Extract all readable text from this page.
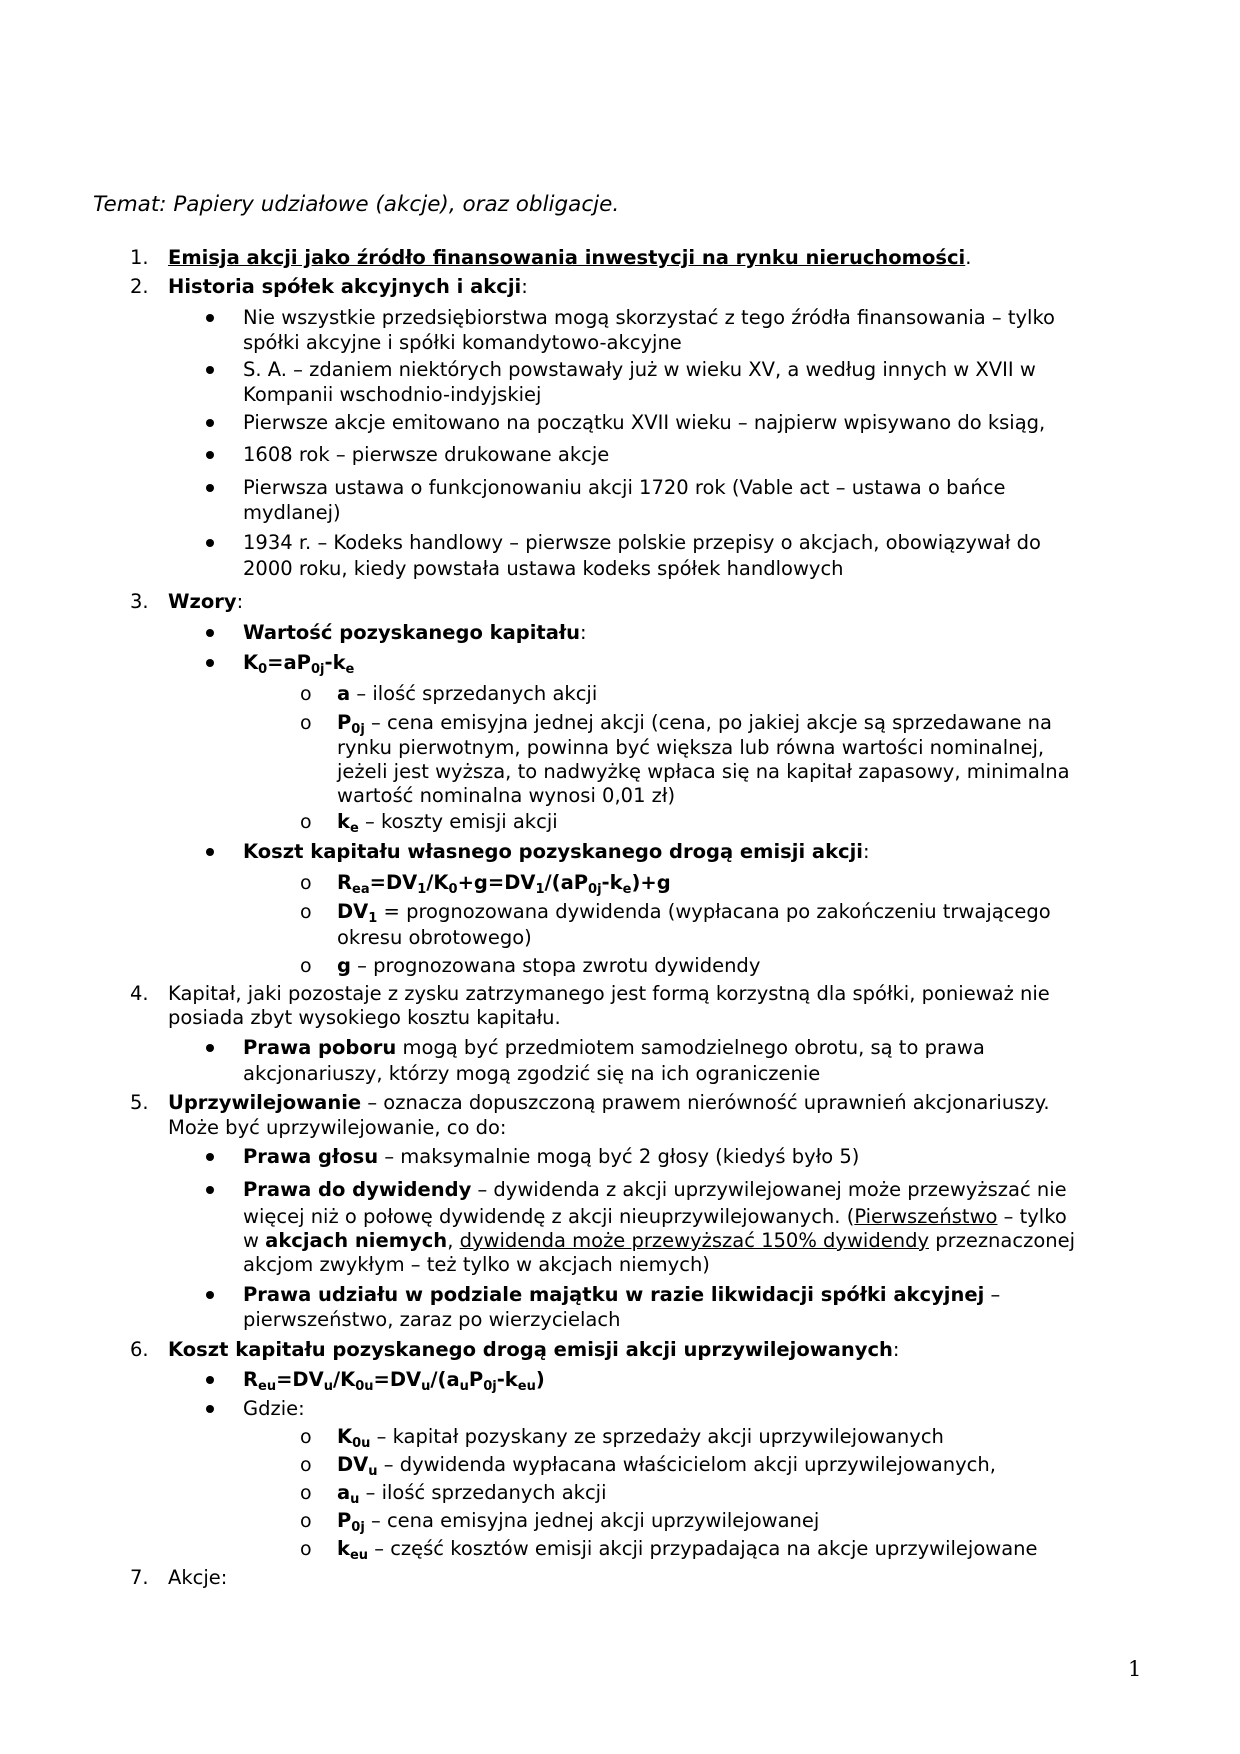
Temat: Papiery udziałowe (akcje), oraz obligacje.
1. Emisja akcji jako źródło finansowania inwestycji na rynku nieruchomości.
2. Historia spółek akcyjnych i akcji:
Nie wszystkie przedsiębiorstwa mogą skorzystać z tego źródła finansowania – tylko
spółki akcyjne i spółki komandytowo-akcyjne
S. A. – zdaniem niektórych powstawały już w wieku XV, a według innych w XVII w
Kompanii wschodnio-indyjskiej
Pierwsze akcje emitowano na początku XVII wieku – najpierw wpisywano do ksiąg,
1608 rok – pierwsze drukowane akcje
Pierwsza ustawa o funkcjonowaniu akcji 1720 rok (Vable act – ustawa o bańce
mydlanej)
1934 r. – Kodeks handlowy – pierwsze polskie przepisy o akcjach, obowiązywał do
2000 roku, kiedy powstała ustawa kodeks spółek handlowych
3. Wzory:
Wartość pozyskanego kapitału:
$K_0=aP_{0j}-k_e$
o a – ilość sprzedanych akcji
o $P_{0j}$ – cena emisyjna jednej akcji (cena, po jakiej akcje są sprzedawane na
rynku pierwotnym, powinna być większa lub równa wartości nominalnej,
jeżeli jest wyższa, to nadwyżkę wpłaca się na kapitał zapasowy, minimalna
wartość nominalna wynosi 0,01 zł)
o $k_e$ – koszty emisji akcji
Koszt kapitału własnego pozyskanego drogą emisji akcji:
o $R_{ea}=DV_1/K_0+g=DV_1/(aP_{0j}-k_e)+g$
o $DV_1$ = prognozowana dywidenda (wypłacana po zakończeniu trwającego
okresu obrotowego)
o g – prognozowana stopa zwrotu dywidendy
4. Kapitał, jaki pozostaje z zysku zatrzymanego jest formą korzystną dla spółki, ponieważ nie
posiada zbyt wysokiego kosztu kapitału.
Prawa poboru mogą być przedmiotem samodzielnego obrotu, są to prawa
akcjonariuszy, którzy mogą zgodzić się na ich ograniczenie
5. Uprzywilejowanie – oznacza dopuszczoną prawem nierówność uprawnień akcjonariuszy.
Może być uprzywilejowanie, co do:
Prawa głosu – maksymalnie mogą być 2 głosy (kiedyś było 5)
Prawa do dywidendy – dywidenda z akcji uprzywilejowanej może przewyższać nie
więcej niż o połowę dywidendę z akcji nieuprzywilejowanych. (Pierwszeństwo – tylko
w akcjach niemych, dywidenda może przewyższać 150% dywidendy przeznaczonej
akcjom zwykłym – też tylko w akcjach niemych)
Prawa udziału w podziale majątku w razie likwidacji spółki akcyjnej –
pierwszeństwo, zaraz po wierzycielach
6. Koszt kapitału pozyskanego drogą emisji akcji uprzywilejowanych:
$R_{eu}=DV_u/K_{0u}=DV_u/(a_uP_{0j}-k_{eu})$
Gdzie:
o $K_{0u}$ – kapitał pozyskany ze sprzedaży akcji uprzywilejowanych
o $DV_u$ – dywidenda wypłacana właścicielom akcji uprzywilejowanych,
o $a_u$ – ilość sprzedanych akcji
o $P_{0j}$ – cena emisyjna jednej akcji uprzywilejowanej
o $k_{eu}$ – część kosztów emisji akcji przypadająca na akcje uprzywilejowane
7. Akcje:
1
